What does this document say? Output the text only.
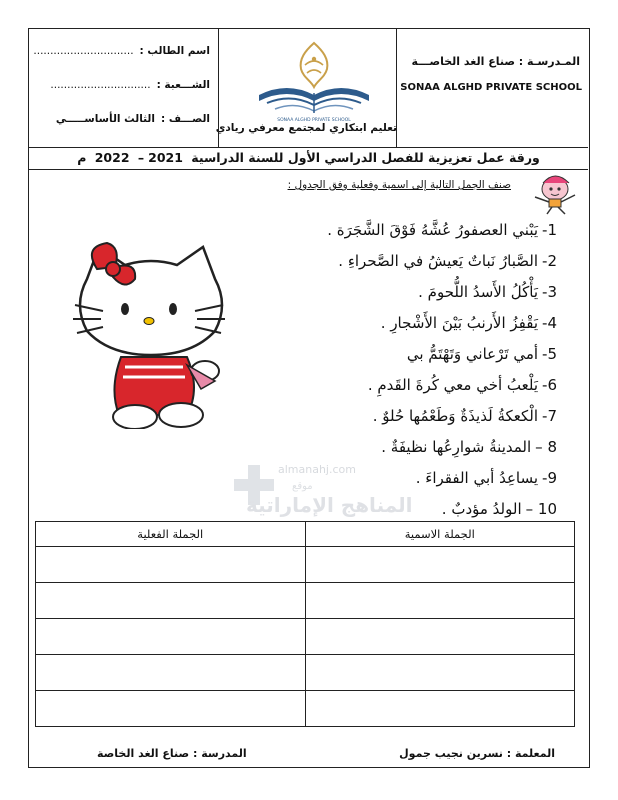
المـدرسـة : صناع الغد الخاصـــة
SONAA ALGHD PRIVATE SCHOOL
SONAA ALGHD PRIVATE SCHOOL
تعليم ابتكاري لمجتمع معرفي ريادي
اسم الطالب :..............................
الشـــعبة :..............................
الصـــف :الثالث الأساســـــي
ورقة عمل تعزيزية للفصل الدراسي الأول للسنة الدراسية 2021– 2022 م
صنف الجمل التالية إلى اسمية وفعلية وفق الجدول :
1-يَبْني العصفورُ عُشَّهُ فَوْقَ الشَّجَرَة .
2-الصَّبارُ نَباتٌ يَعيشُ في الصَّحراءِ .
3-يَأْكُلُ الأَسدُ اللُّحومَ .
4-يَقْفِزُ الأَرنبُ بَيْنَ الأَشْجارِ .
5-أمي تَرْعاني وَتَهْتَمُّ بي
6-يَلْعبُ أخي معي كُرةَ القَدمِ .
7-الْكعكةُ لَذيذَةٌ وَطَعْمُها حُلوٌ .
8 –المدينةُ شوارِعُها نظيفَةٌ .
9-يساعِدُ أبي الفقراءَ .
10 –الولدُ مؤدبٌ .
almanahj.com
موقع
المناهج الإماراتية
الجملة الاسمية	الجملة الفعلية

المعلمة : نسرين نجيب جمول
المدرسة : صناع الغد الخاصة
